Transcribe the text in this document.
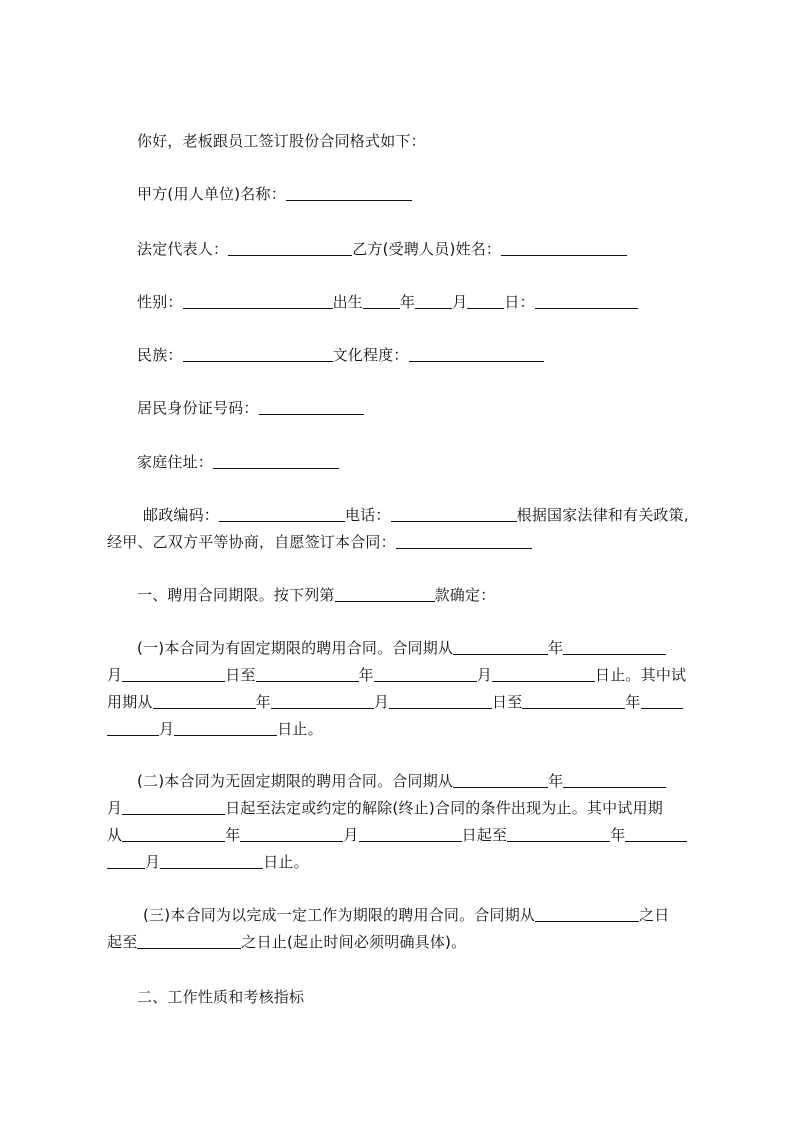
你好，老板跟员工签订股份合同格式如下：
甲方(用人单位)名称：
法定代表人：	乙方(受聘人员)姓名：
性别：	出生 年 月 日：
民族：	文化程度：
居民身份证号码：
家庭住址：
邮政编码：	电话：	根据国家法律和有关政策,
经甲、乙双方平等协商，自愿签订本合同：
一、聘用合同期限。按下列第	款确定：
(一)本合同为有固定期限的聘用合同。合同期从	年
月	日至	年	月	日止。其中试
(二)本合同为无固定期限的聘用合同。合同期从	年
(三)本合同为以完成一定工作为期限的聘用合同。合同期从	之日
起至	之日止(起止时间必须明确具体)。
二、工作性质和考核指标
用期从	年	月	日至	年
月	日止。
月	日起至法定或约定的解除(终止)合同的条件出现为止。其中试用期
从	年	月	日起至	年
月	日止。
